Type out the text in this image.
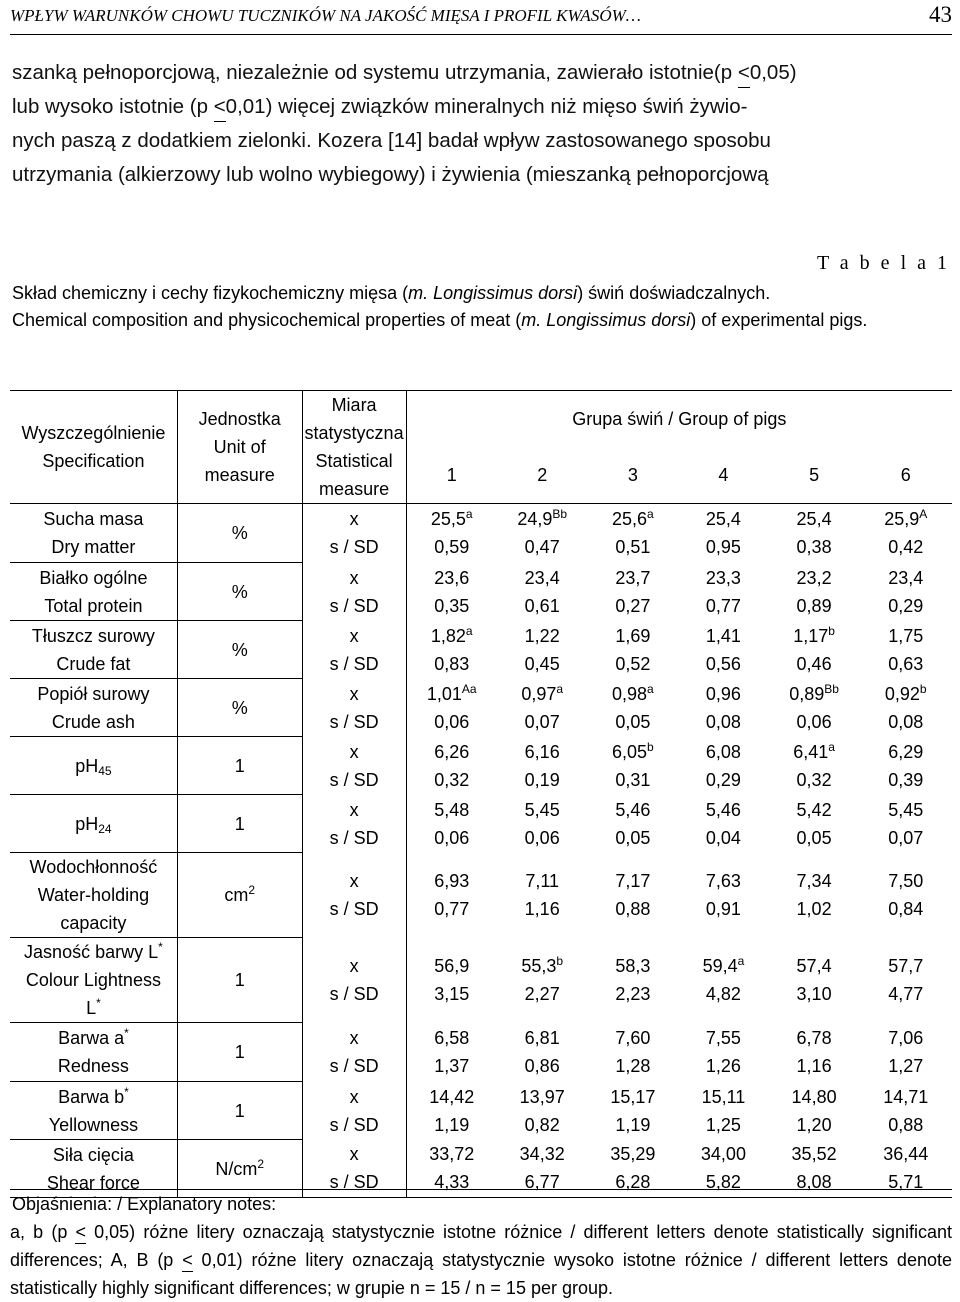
WPŁYW WARUNKÓW CHOWU TUCZNIKÓW NA JAKOŚĆ MIĘSA I PROFIL KWASÓW…	43
szanką pełnoporcjową, niezależnie od systemu utrzymania, zawierało istotnie(p <0,05)
lub wysoko istotnie (p <0,01) więcej związków mineralnych niż mięso świń żywio-
nych paszą z dodatkiem zielonki. Kozera [14] badał wpływ zastosowanego sposobu
utrzymania (alkierzowy lub wolno wybiegowy) i żywienia (mieszanką pełnoporcjową
T a b e l a 1
Skład chemiczny i cechy fizykochemiczny mięsa (m. Longissimus dorsi) świń doświadczalnych.
Chemical composition and physicochemical properties of meat (m. Longissimus dorsi) of experimental pigs.
Wyszczególnienie
Specification	Jednostka
Unit of
measure	Miara
statystyczna
Statistical
measure	Grupa świń / Group of pigs					
			1	2	3	4	5	6
Sucha masa
Dry matter	%	x	25,5$^a$	$24,9^{Bb}$	25,6$^a$	25,4	25,4	$25,9^A$
		s / SD	0,59	0,47	0,51	0,95	0,38	0,42
Białko ogólne
Total protein	%	x	23,6	23,4	23,7	23,3	23,2	23,4
		s / SD	0,35	0,61	0,27	0,77	0,89	0,29
Tłuszcz surowy
Crude fat	%	x	1,82$^a$	1,22	1,69	1,41	1,17$^b$	1,75
		s / SD	0,83	0,45	0,52	0,56	0,46	0,63
Popiół surowy
Crude ash	%	x	$1,01^{Aa}$	0,97$^a$	0,98$^a$	0,96	$0,89^{Bb}$	0,92$^b$
		s / SD	0,06	0,07	0,05	0,08	0,06	0,08
$pH_{45}$	1	x	6,26	6,16	6,05$^b$	6,08	6,41$^a$	6,29
		s / SD	0,32	0,19	0,31	0,29	0,32	0,39
$pH_{24}$	1	x	5,48	5,45	5,46	5,46	5,42	5,45
		s / SD	0,06	0,06	0,05	0,04	0,05	0,07
Wodochłonność
Water-holding
capacity	$cm^2$	x	6,93	7,11	7,17	7,63	7,34	7,50
		s / SD	0,77	1,16	0,88	0,91	1,02	0,84
Jasność barwy L*
Colour Lightness
L*	1	x	56,9	55,3$^b$	58,3	59,4$^a$	57,4	57,7
		s / SD	3,15	2,27	2,23	4,82	3,10	4,77
Barwa a*
Redness	1	x	6,58	6,81	7,60	7,55	6,78	7,06
		s / SD	1,37	0,86	1,28	1,26	1,16	1,27
Barwa b*
Yellowness	1	x	14,42	13,97	15,17	15,11	14,80	14,71
		s / SD	1,19	0,82	1,19	1,25	1,20	0,88
Siła cięcia
Shear force	$N/cm^2$	x	33,72	34,32	35,29	34,00	35,52	36,44
		s / SD	4,33	6,77	6,28	5,82	8,08	5,71
Objaśnienia: / Explanatory notes:
a, b (p < 0,05) różne litery oznaczają statystycznie istotne różnice / different letters denote statistically significant differences; A, B (p < 0,01) różne litery oznaczają statystycznie wysoko istotne różnice / different letters denote statistically highly significant differences; w grupie n = 15 / n = 15 per group.
